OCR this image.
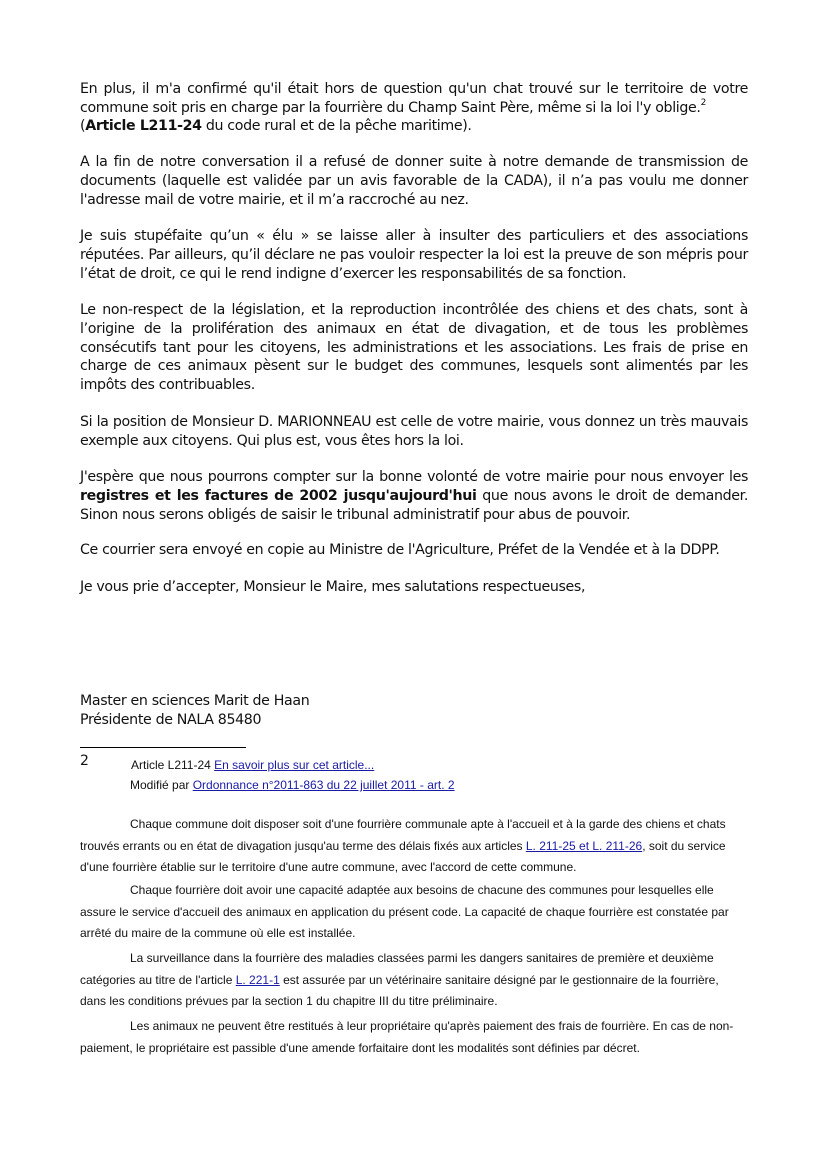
En plus, il m'a confirmé qu'il était hors de question qu'un chat trouvé sur le territoire de votre commune soit pris en charge par la fourrière du Champ Saint Père, même si la loi l'y oblige.$^2$
(Article L211-24 du code rural et de la pêche maritime).

A la fin de notre conversation il a refusé de donner suite à notre demande de transmission de documents (laquelle est validée par un avis favorable de la CADA), il n’a pas voulu me donner l'adresse mail de votre mairie, et il m’a raccroché au nez.

Je suis stupéfaite qu’un « élu » se laisse aller à insulter des particuliers et des associations réputées. Par ailleurs, qu’il déclare ne pas vouloir respecter la loi est la preuve de son mépris pour l’état de droit, ce qui le rend indigne d’exercer les responsabilités de sa fonction.

Le non-respect de la législation, et la reproduction incontrôlée des chiens et des chats, sont à l’origine de la prolifération des animaux en état de divagation, et de tous les problèmes consécutifs tant pour les citoyens, les administrations et les associations. Les frais de prise en charge de ces animaux pèsent sur le budget des communes, lesquels sont alimentés par les impôts des contribuables.

Si la position de Monsieur D. MARIONNEAU est celle de votre mairie, vous donnez un très mauvais exemple aux citoyens. Qui plus est, vous êtes hors la loi.

J'espère que nous pourrons compter sur la bonne volonté de votre mairie pour nous envoyer les registres et les factures de 2002 jusqu'aujourd'hui que nous avons le droit de demander. Sinon nous serons obligés de saisir le tribunal administratif pour abus de pouvoir.

Ce courrier sera envoyé en copie au Ministre de l'Agriculture, Préfet de la Vendée et à la DDPP.

Je vous prie d’accepter, Monsieur le Maire, mes salutations respectueuses,

Master en sciences Marit de Haan
Présidente de NALA 85480
2	Article L211-24 En savoir plus sur cet article...
Modifié par Ordonnance n°2011-863 du 22 juillet 2011 - art. 2
Chaque commune doit disposer soit d'une fourrière communale apte à l'accueil et à la garde des chiens et chats trouvés errants ou en état de divagation jusqu'au terme des délais fixés aux articles L. 211-25 et L. 211-26, soit du service d'une fourrière établie sur le territoire d'une autre commune, avec l'accord de cette commune.
Chaque fourrière doit avoir une capacité adaptée aux besoins de chacune des communes pour lesquelles elle assure le service d'accueil des animaux en application du présent code. La capacité de chaque fourrière est constatée par arrêté du maire de la commune où elle est installée.
La surveillance dans la fourrière des maladies classées parmi les dangers sanitaires de première et deuxième catégories au titre de l'article L. 221-1 est assurée par un vétérinaire sanitaire désigné par le gestionnaire de la fourrière, dans les conditions prévues par la section 1 du chapitre III du titre préliminaire.
Les animaux ne peuvent être restitués à leur propriétaire qu'après paiement des frais de fourrière. En cas de non-paiement, le propriétaire est passible d'une amende forfaitaire dont les modalités sont définies par décret.
